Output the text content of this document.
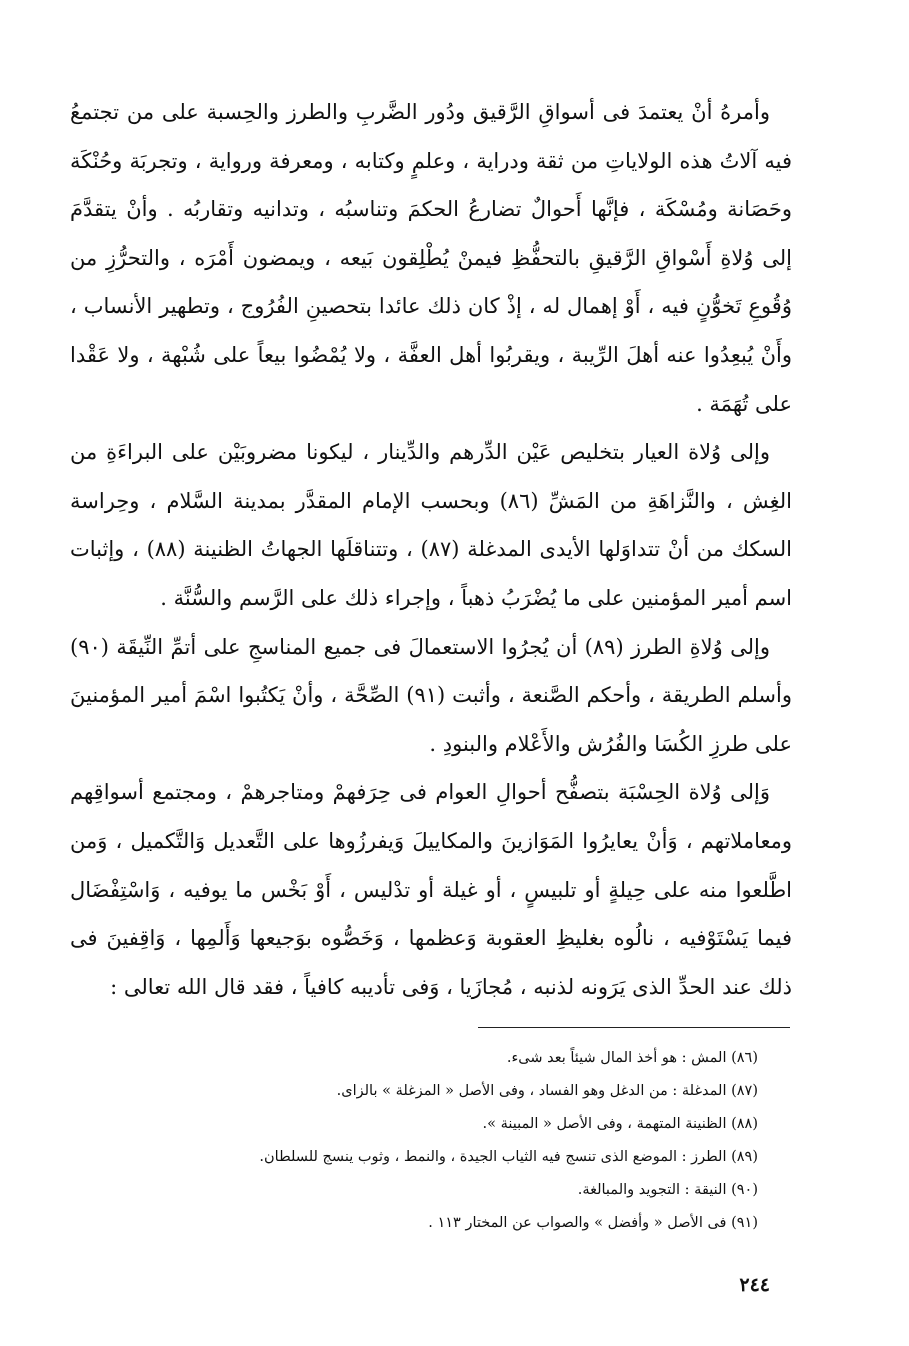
وأمرهُ أنْ يعتمدَ فى أسواقِ الرَّقيق ودُور الضَّربِ والطرز والحِسبة على من تجتمعُ فيه آلاتُ هذه الولاياتِ من ثقة ودراية ، وعلمٍ وكتابه ، ومعرفة ورواية ، وتجربَة وحُنْكَة وحَصَانة ومُسْكَة ، فإنَّها أَحوالٌ تضارعُ الحكمَ وتناسبُه ، وتدانيه وتقاربُه . وأنْ يتقدَّمَ إلى وُلاةِ أَسْواقِ الرَّقيقِ بالتحفُّظِ فيمنْ يُطْلِقون بَيعه ، ويمضون أَمْرَه ، والتحرُّزِ من وُقُوعِ تَخوُّنٍ فيه ، أَوْ إهمال له ، إذْ كان ذلك عائدا بتحصينِ الفُرُوج ، وتطهير الأنساب ، وأَنْ يُبعِدُوا عنه أهلَ الرِّيبة ، ويقربُوا أهل العفَّة ، ولا يُمْضُوا بيعاً على شُبْهة ، ولا عَقْدا على تُهَمَة .

وإلى وُلاة العيار بتخليص عَيْن الدِّرهم والدِّينار ، ليكونا مضروبَيْن على البراءَةِ من الغِش ، والنَّزاهَةِ من المَشِّ (٨٦) وبحسب الإمام المقدَّر بمدينة السَّلام ، وحِراسة السكك من أنْ تتداوَلها الأيدى المدغلة (٨٧) ، وتتناقلَها الجهاتُ الظنينة (٨٨) ، وإثبات اسم أمير المؤمنين على ما يُضْرَبُ ذهباً ، وإجراء ذلك على الرَّسم والسُّنَّة .

وإلى وُلاةِ الطرز (٨٩) أن يُجرُوا الاستعمالَ فى جميع المناسجِ على أتمِّ النِّيقَة (٩٠) وأسلم الطريقة ، وأحكم الصَّنعة ، وأثبت (٩١) الصِّحَّة ، وأنْ يَكتُبوا اسْمَ أمير المؤمنينَ على طرزِ الكُسَا والفُرُش والأَعْلام والبنودِ .

وَإلى وُلاة الحِسْبَة بتصفُّح أحوالِ العوام فى حِرَفهمْ ومتاجرهمْ ، ومجتمع أسواقِهم ومعاملاتهم ، وَأنْ يعايرُوا المَوَازينَ والمكاييلَ وَيفرزُوها على التَّعديل وَالتَّكميل ، وَمن اطَّلعوا منه على حِيلةٍ أو تلبيسٍ ، أو غيلة أو تدْليس ، أَوْ بَخْس ما يوفيه ، وَاسْتِفْضَال فيما يَسْتَوْفيه ، نالُوه بغليظِ العقوبة وَعظمها ، وَخَصُّوه بوَجيعها وَأَلمِها ، وَاقِفينَ فى ذلك عند الحدِّ الذى يَرَونه لذنبه ، مُجازَيا ، وَفى تأديبه كافياً ، فقد قال الله تعالى :

(٨٦) المش : هو أخذ المال شيئاً بعد شىء.

(٨٧) المدغلة : من الدغل وهو الفساد ، وفى الأصل « المزغلة » بالزاى.

(٨٨) الظنينة المتهمة ، وفى الأصل « المبينة ».

(٨٩) الطرز : الموضع الذى تنسج فيه الثياب الجيدة ، والنمط ، وثوب ينسج للسلطان.

(٩٠) النيقة : التجويد والمبالغة.

(٩١) فى الأصل « وأفضل » والصواب عن المختار ١١٣ .

٢٤٤
